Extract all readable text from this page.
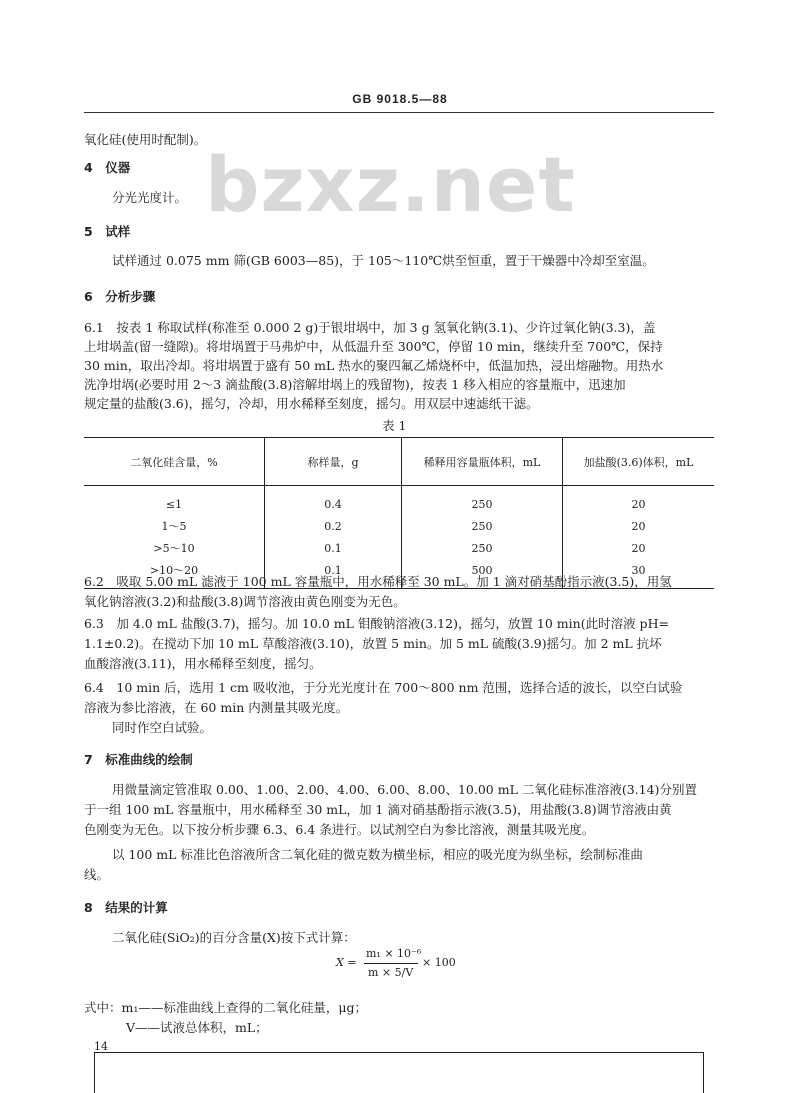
GB 9018.5—88
bzxz.net
氧化硅(使用时配制)。
4　仪器
分光光度计。
5　试样
试样通过 0.075 mm 筛(GB 6003—85)，于 105～110℃烘至恒重，置于干燥器中冷却至室温。
6　分析步骤
6.1　按表 1 称取试样(称准至 0.000 2 g)于银坩埚中，加 3 g 氢氧化钠(3.1)、少许过氧化钠(3.3)，盖
上坩埚盖(留一缝隙)。将坩埚置于马弗炉中，从低温升至 300℃，停留 10 min，继续升至 700℃，保持
30 min，取出冷却。将坩埚置于盛有 50 mL 热水的聚四氟乙烯烧杯中，低温加热，浸出熔融物。用热水
洗净坩埚(必要时用 2～3 滴盐酸(3.8)溶解坩埚上的残留物)，按表 1 移入相应的容量瓶中，迅速加
规定量的盐酸(3.6)，摇匀，冷却，用水稀释至刻度，摇匀。用双层中速滤纸干滤。
表 1
二氧化硅含量，%	称样量，g	稀释用容量瓶体积，mL	加盐酸(3.6)体积，mL
≤1	0.4	250	20
1～5	0.2	250	20
>5～10	0.1	250	20
>10～20	0.1	500	30
6.2　吸取 5.00 mL 滤液于 100 mL 容量瓶中，用水稀释至 30 mL。加 1 滴对硝基酚指示液(3.5)，用氢
氧化钠溶液(3.2)和盐酸(3.8)调节溶液由黄色刚变为无色。
6.3　加 4.0 mL 盐酸(3.7)，摇匀。加 10.0 mL 钼酸钠溶液(3.12)，摇匀，放置 10 min(此时溶液 pH=
1.1±0.2)。在搅动下加 10 mL 草酸溶液(3.10)，放置 5 min。加 5 mL 硫酸(3.9)摇匀。加 2 mL 抗坏
血酸溶液(3.11)，用水稀释至刻度，摇匀。
6.4　10 min 后，选用 1 cm 吸收池，于分光光度计在 700～800 nm 范围，选择合适的波长，以空白试验
溶液为参比溶液，在 60 min 内测量其吸光度。
同时作空白试验。
7　标准曲线的绘制
用微量滴定管准取 0.00、1.00、2.00、4.00、6.00、8.00、10.00 mL 二氧化硅标准溶液(3.14)分别置
于一组 100 mL 容量瓶中，用水稀释至 30 mL，加 1 滴对硝基酚指示液(3.5)，用盐酸(3.8)调节溶液由黄
色刚变为无色。以下按分析步骤 6.3、6.4 条进行。以试剂空白为参比溶液，测量其吸光度。
以 100 mL 标准比色溶液所含二氧化硅的微克数为横坐标，相应的吸光度为纵坐标，绘制标准曲
线。
8　结果的计算
二氧化硅(SiO₂)的百分含量(X)按下式计算：
X =
m₁ × 10⁻⁶
m × 5/V
× 100
式中：m₁——标准曲线上查得的二氧化硅量，μg；
V——试液总体积，mL；
14
